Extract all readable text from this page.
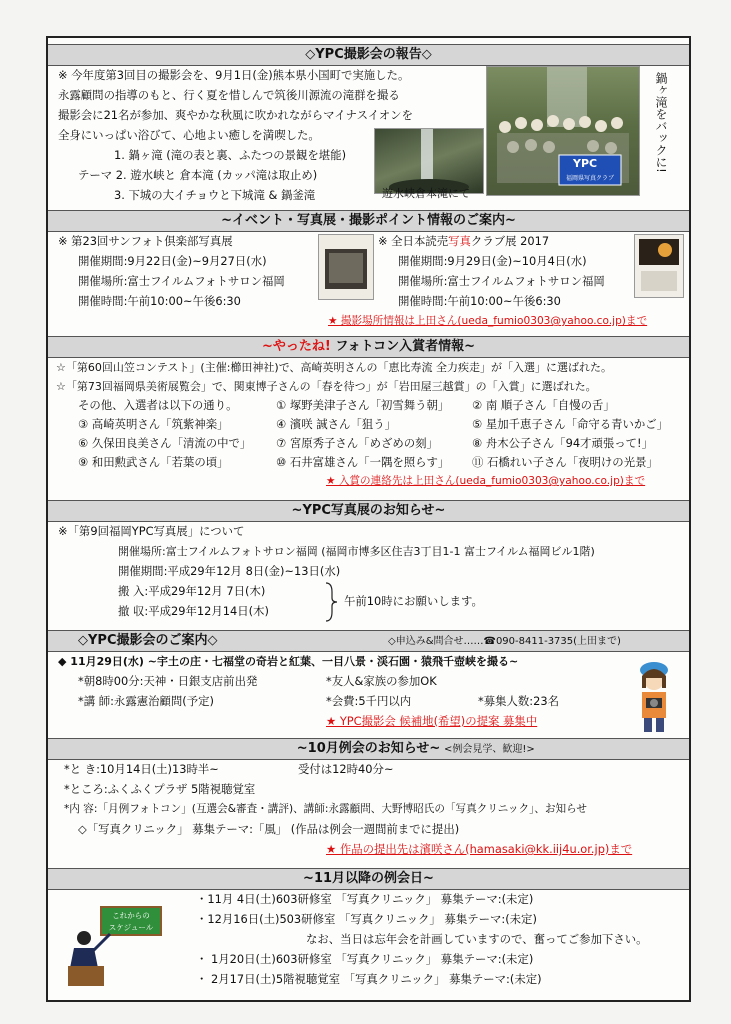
◇YPC撮影会の報告◇
※ 今年度第3回目の撮影会を、9月1日(金)熊本県小国町で実施した。
永露顧問の指導のもと、行く夏を惜しんで筑後川源流の滝群を撮る
撮影会に21名が参加、爽やかな秋風に吹かれながらマイナスイオンを
全身にいっぱい浴びて、心地よい癒しを満喫した。
1. 鍋ヶ滝 (滝の表と裏、ふたつの景観を堪能)
テーマ 2. 遊水峡と 倉本滝 (カッパ滝は取止め)
3. 下城の大イチョウと下城滝 & 鍋釜滝	遊水峡倉本滝にて
YPC
福岡県写真クラブ
鍋ヶ滝をバックに!
~イベント・写真展・撮影ポイント情報のご案内~
※ 第23回サンフォト倶楽部写真展
開催期間:9月22日(金)~9月27日(水)
開催場所:富士フイルムフォトサロン福岡
開催時間:午前10:00~午後6:30
※ 全日本読売写真クラブ展 2017
開催期間:9月29日(金)~10月4日(水)
開催場所:富士フイルムフォトサロン福岡
開催時間:午前10:00~午後6:30
★ 撮影場所情報は上田さん(ueda_fumio0303@yahoo.co.jp)まで
~やったね! フォトコン入賞者情報~
☆「第60回山笠コンテスト」(主催:櫛田神社)で、高崎英明さんの「恵比寿流 全力疾走」が「入選」に選ばれた。
☆「第73回福岡県美術展覧会」で、関東博子さんの「春を待つ」が「岩田屋三越賞」の「入賞」に選ばれた。
その他、入選者は以下の通り。	① 塚野美津子さん「初雪舞う朝」 ② 南 順子さん「自慢の舌」
③ 高崎英明さん「筑紫神楽」	④ 濱咲 誠さん「狙う」	⑤ 星加千恵子さん「命守る青いかご」
⑥ 久保田良美さん「清流の中で」 ⑦ 宮原秀子さん「めざめの刻」	⑧ 舟木公子さん「94才頑張って!」
⑨ 和田勲武さん「若葉の頃」	⑩ 石井富雄さん「一隅を照らす」 ⑪ 石橋れい子さん「夜明けの光景」
★ 入賞の連絡先は上田さん(ueda_fumio0303@yahoo.co.jp)まで
~YPC写真展のお知らせ~
※「第9回福岡YPC写真展」について
開催場所:富士フイルムフォトサロン福岡 (福岡市博多区住吉3丁目1-1 富士フイルム福岡ビル1階)
開催期間:平成29年12月 8日(金)~13日(水)
搬 入:平成29年12月 7日(木)
撤 収:平成29年12月14日(木)
午前10時にお願いします。
◇YPC撮影会のご案内◇	◇申込み&問合せ……☎090-8411-3735(上田まで)
◆ 11月29日(水) ~宇土の庄・七福堂の奇岩と紅葉、一目八景・渓石園・猿飛千壺峡を撮る~
*朝8時00分:天神・日銀支店前出発	*友人&家族の参加OK
*講 師:永露憲治顧問(予定)	*会費:5千円以内	*募集人数:23名
★ YPC撮影会 候補地(希望)の提案 募集中
~10月例会のお知らせ~ <例会見学、歓迎!>
*と き:10月14日(土)13時半~	受付は12時40分~
*ところ:ふくふくプラザ 5階視聴覚室
*内 容:「月例フォトコン」(互選会&審査・講評)、講師:永露顧問、大野博昭氏の「写真クリニック」、お知らせ
◇「写真クリニック」 募集テーマ:「風」 (作品は例会一週間前までに提出)
★ 作品の提出先は濱咲さん(hamasaki@kk.iij4u.or.jp)まで
~11月以降の例会日~
これからの
スケジュール
・11月 4日(土)603研修室 「写真クリニック」 募集テーマ:(未定)
・12月16日(土)503研修室 「写真クリニック」 募集テーマ:(未定)
なお、当日は忘年会を計画していますので、奮ってご参加下さい。
・ 1月20日(土)603研修室 「写真クリニック」 募集テーマ:(未定)
・ 2月17日(土)5階視聴覚室 「写真クリニック」 募集テーマ:(未定)
